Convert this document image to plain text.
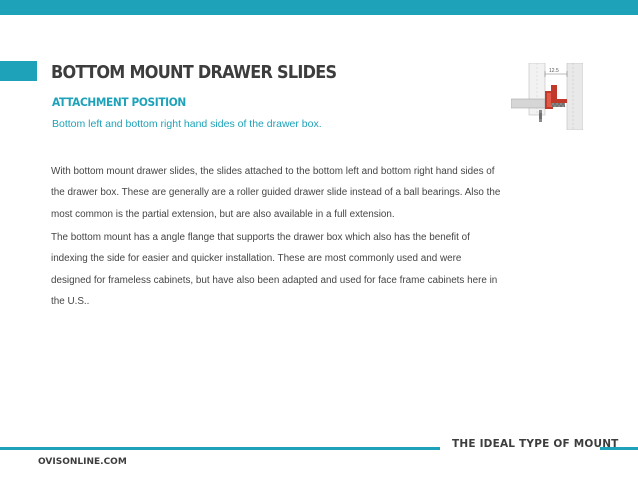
BOTTOM MOUNT DRAWER SLIDES
ATTACHMENT POSITION
Bottom left and bottom right hand sides of the drawer box.

With bottom mount drawer slides, the slides attached to the bottom left and bottom right hand sides of the drawer box. These are generally are a roller guided drawer slide instead of a ball bearings. Also the most common is the partial extension, but are also available in a full extension.

The bottom mount has a angle flange that supports the drawer box which also has the benefit of indexing the side for easier and quicker installation. These are most commonly used and were designed for frameless cabinets, but have also been adapted and used for face frame cabinets here in the U.S..

12.5
THE IDEAL TYPE OF MOUNT
OVISONLINE.COM
